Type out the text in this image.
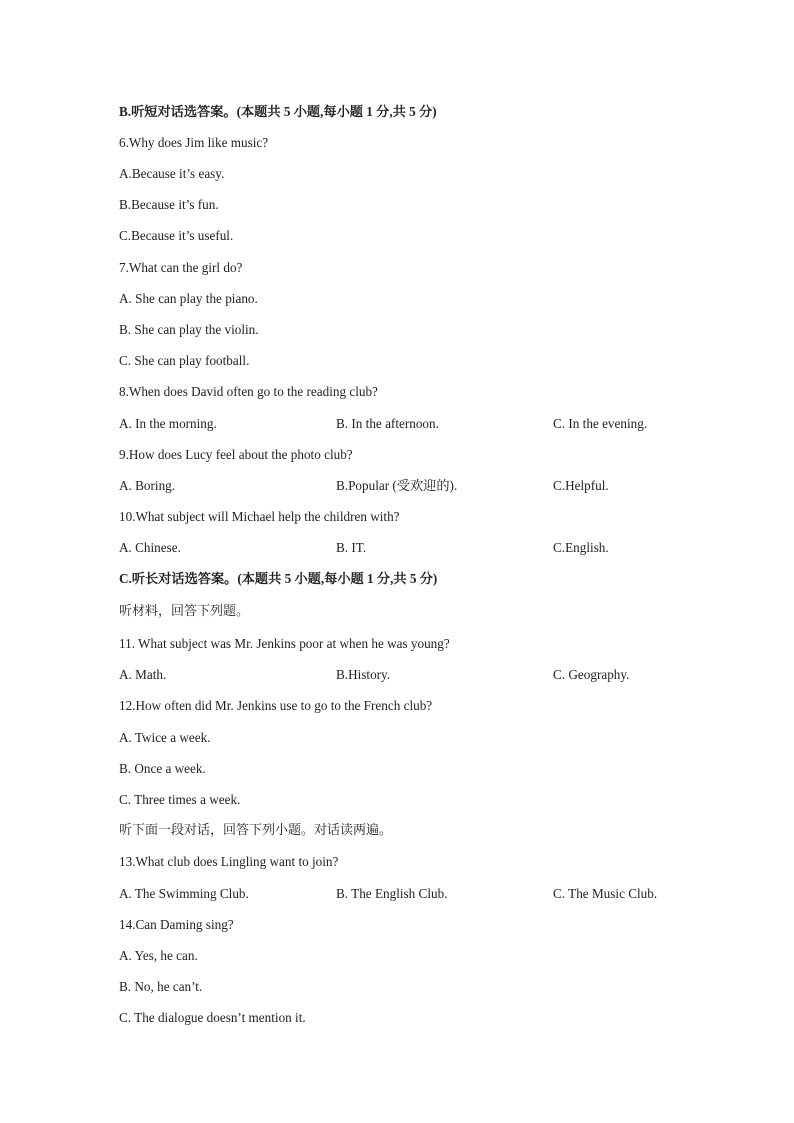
B.听短对话选答案。(本题共 5 小题,每小题 1 分,共 5 分)
6.Why does Jim like music?
A.Because it’s easy.
B.Because it’s fun.
C.Because it’s useful.
7.What can the girl do?
A. She can play the piano.
B. She can play the violin.
C. She can play football.
8.When does David often go to the reading club?
A. In the morning.	B. In the afternoon.	C. In the evening.
9.How does Lucy feel about the photo club?
A. Boring.	B.Popular (受欢迎的).	C.Helpful.
10.What subject will Michael help the children with?
A. Chinese.	B. IT.	C.English.
C.听长对话选答案。(本题共 5 小题,每小题 1 分,共 5 分)
听材料，回答下列题。
11. What subject was Mr. Jenkins poor at when he was young?
A. Math.	B.History.	C. Geography.
12.How often did Mr. Jenkins use to go to the French club?
A. Twice a week.
B. Once a week.
C. Three times a week.
听下面一段对话，回答下列小题。对话读两遍。
13.What club does Lingling want to join?
A. The Swimming Club.	B. The English Club.	C. The Music Club.
14.Can Daming sing?
A. Yes, he can.
B. No, he can’t.
C. The dialogue doesn’t mention it.
